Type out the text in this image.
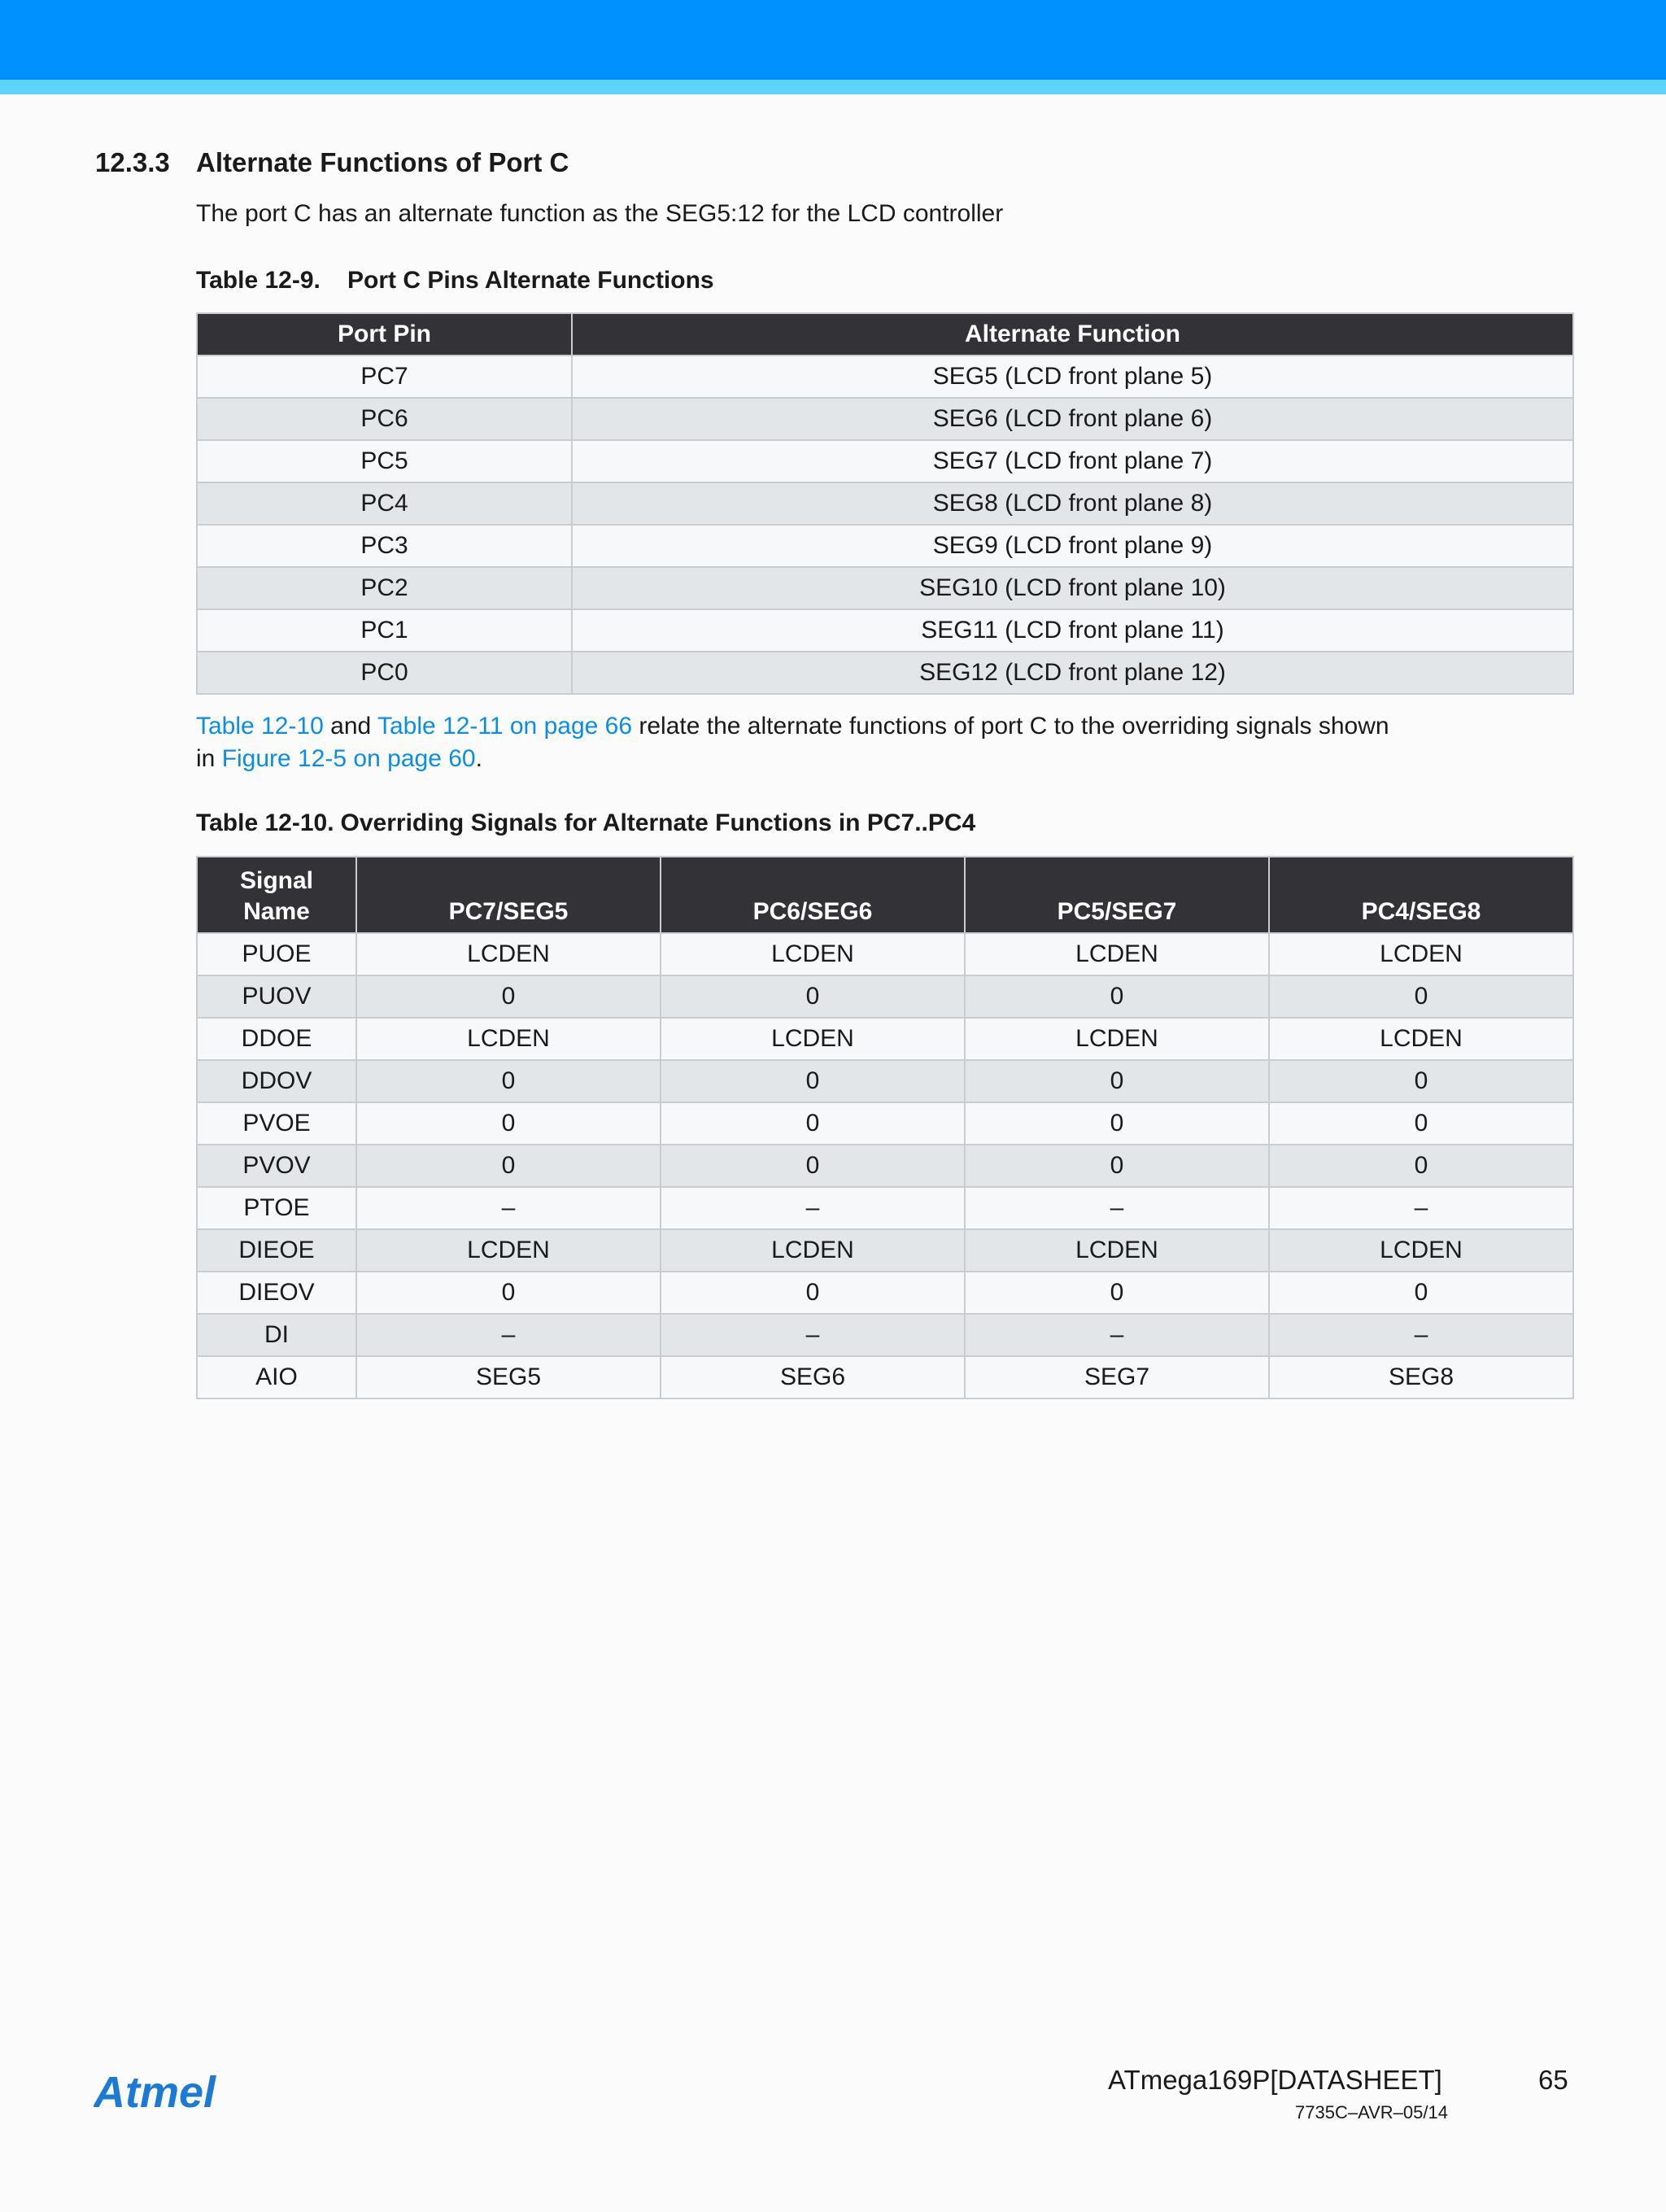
12.3.3 Alternate Functions of Port C
The port C has an alternate function as the SEG5:12 for the LCD controller
Table 12-9. Port C Pins Alternate Functions
Port Pin	Alternate Function
PC7	SEG5 (LCD front plane 5)
PC6	SEG6 (LCD front plane 6)
PC5	SEG7 (LCD front plane 7)
PC4	SEG8 (LCD front plane 8)
PC3	SEG9 (LCD front plane 9)
PC2	SEG10 (LCD front plane 10)
PC1	SEG11 (LCD front plane 11)
PC0	SEG12 (LCD front plane 12)
Table 12-10 and Table 12-11 on page 66 relate the alternate functions of port C to the overriding signals shown
in Figure 12-5 on page 60.
Table 12-10. Overriding Signals for Alternate Functions in PC7..PC4
Signal
Name	PC7/SEG5	PC6/SEG6	PC5/SEG7	PC4/SEG8
PUOE	LCDEN	LCDEN	LCDEN	LCDEN
PUOV	0	0	0	0
DDOE	LCDEN	LCDEN	LCDEN	LCDEN
DDOV	0	0	0	0
PVOE	0	0	0	0
PVOV	0	0	0	0
PTOE	–	–	–	–
DIEOE	LCDEN	LCDEN	LCDEN	LCDEN
DIEOV	0	0	0	0
DI	–	–	–	–
AIO	SEG5	SEG6	SEG7	SEG8
Atmel	ATmega169P[DATASHEET]	65
7735C–AVR–05/14
